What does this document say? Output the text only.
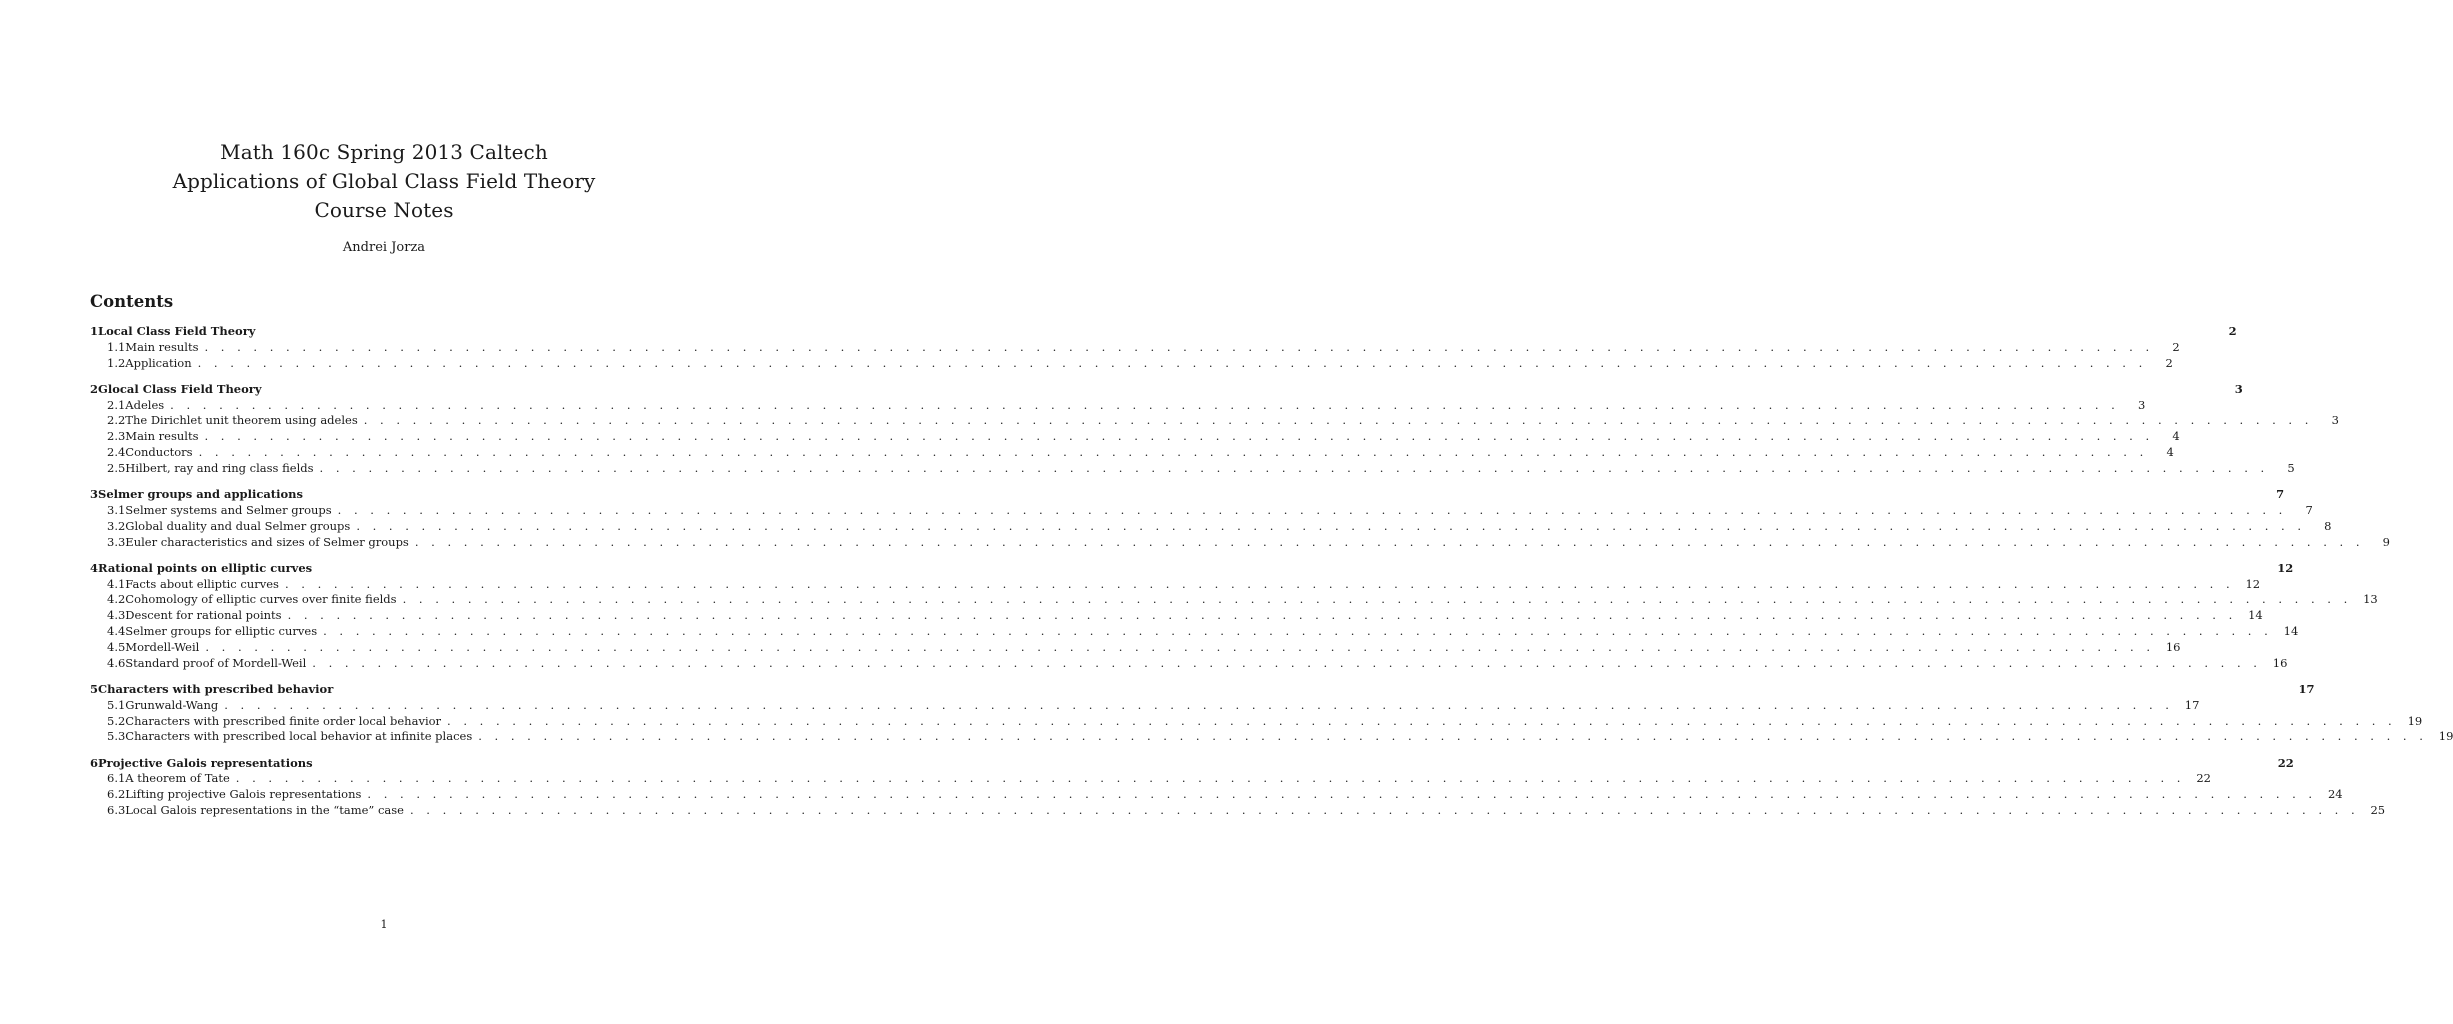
Math 160c Spring 2013 Caltech
Applications of Global Class Field Theory
Course Notes
Andrei Jorza
Contents
1 Local Class Field Theory	2
1.1 Main results . . . . . . . . . . . . . . . . . . . . . . . . . . . . . . . . . . . . . . . . . . . . . . . . . . . . . . . . . . . . . . . . . . . . . . . . . . . . . . . . . . . . . . . . . . . . . . . . . . . . . . . . . . . . . . . . . . . . . . . .	2
1.2 Application . . . . . . . . . . . . . . . . . . . . . . . . . . . . . . . . . . . . . . . . . . . . . . . . . . . . . . . . . . . . . . . . . . . . . . . . . . . . . . . . . . . . . . . . . . . . . . . . . . . . . . . . . . . . . . . . . . . . . . . .	2
2 Glocal Class Field Theory	3
2.1 Adeles . . . . . . . . . . . . . . . . . . . . . . . . . . . . . . . . . . . . . . . . . . . . . . . . . . . . . . . . . . . . . . . . . . . . . . . . . . . . . . . . . . . . . . . . . . . . . . . . . . . . . . . . . . . . . . . . . . . . . . . .	3
2.2 The Dirichlet unit theorem using adeles . . . . . . . . . . . . . . . . . . . . . . . . . . . . . . . . . . . . . . . . . . . . . . . . . . . . . . . . . . . . . . . . . . . . . . . . . . . . . . . . . . . . . . . . . . . . . . . . . . . . . . . . . . . . . . . . . . . . . . . .	3
2.3 Main results . . . . . . . . . . . . . . . . . . . . . . . . . . . . . . . . . . . . . . . . . . . . . . . . . . . . . . . . . . . . . . . . . . . . . . . . . . . . . . . . . . . . . . . . . . . . . . . . . . . . . . . . . . . . . . . . . . . . . . . .	4
2.4 Conductors . . . . . . . . . . . . . . . . . . . . . . . . . . . . . . . . . . . . . . . . . . . . . . . . . . . . . . . . . . . . . . . . . . . . . . . . . . . . . . . . . . . . . . . . . . . . . . . . . . . . . . . . . . . . . . . . . . . . . . . .	4
2.5 Hilbert, ray and ring class fields . . . . . . . . . . . . . . . . . . . . . . . . . . . . . . . . . . . . . . . . . . . . . . . . . . . . . . . . . . . . . . . . . . . . . . . . . . . . . . . . . . . . . . . . . . . . . . . . . . . . . . . . . . . . . . . . . . . . . . . .	5
3 Selmer groups and applications	7
3.1 Selmer systems and Selmer groups . . . . . . . . . . . . . . . . . . . . . . . . . . . . . . . . . . . . . . . . . . . . . . . . . . . . . . . . . . . . . . . . . . . . . . . . . . . . . . . . . . . . . . . . . . . . . . . . . . . . . . . . . . . . . . . . . . . . . . . .	7
3.2 Global duality and dual Selmer groups . . . . . . . . . . . . . . . . . . . . . . . . . . . . . . . . . . . . . . . . . . . . . . . . . . . . . . . . . . . . . . . . . . . . . . . . . . . . . . . . . . . . . . . . . . . . . . . . . . . . . . . . . . . . . . . . . . . . . . . .	8
3.3 Euler characteristics and sizes of Selmer groups . . . . . . . . . . . . . . . . . . . . . . . . . . . . . . . . . . . . . . . . . . . . . . . . . . . . . . . . . . . . . . . . . . . . . . . . . . . . . . . . . . . . . . . . . . . . . . . . . . . . . . . . . . . . . . . . . . . . . . . .	9
4 Rational points on elliptic curves	12
4.1 Facts about elliptic curves . . . . . . . . . . . . . . . . . . . . . . . . . . . . . . . . . . . . . . . . . . . . . . . . . . . . . . . . . . . . . . . . . . . . . . . . . . . . . . . . . . . . . . . . . . . . . . . . . . . . . . . . . . . . . . . . . . . . . . . . 12
4.2 Cohomology of elliptic curves over finite fields . . . . . . . . . . . . . . . . . . . . . . . . . . . . . . . . . . . . . . . . . . . . . . . . . . . . . . . . . . . . . . . . . . . . . . . . . . . . . . . . . . . . . . . . . . . . . . . . . . . . . . . . . . . . . . . . . . . . . . . . 13
4.3 Descent for rational points . . . . . . . . . . . . . . . . . . . . . . . . . . . . . . . . . . . . . . . . . . . . . . . . . . . . . . . . . . . . . . . . . . . . . . . . . . . . . . . . . . . . . . . . . . . . . . . . . . . . . . . . . . . . . . . . . . . . . . . . 14
4.4 Selmer groups for elliptic curves . . . . . . . . . . . . . . . . . . . . . . . . . . . . . . . . . . . . . . . . . . . . . . . . . . . . . . . . . . . . . . . . . . . . . . . . . . . . . . . . . . . . . . . . . . . . . . . . . . . . . . . . . . . . . . . . . . . . . . . . 14
4.5 Mordell-Weil . . . . . . . . . . . . . . . . . . . . . . . . . . . . . . . . . . . . . . . . . . . . . . . . . . . . . . . . . . . . . . . . . . . . . . . . . . . . . . . . . . . . . . . . . . . . . . . . . . . . . . . . . . . . . . . . . . . . . . . . 16
4.6 Standard proof of Mordell-Weil . . . . . . . . . . . . . . . . . . . . . . . . . . . . . . . . . . . . . . . . . . . . . . . . . . . . . . . . . . . . . . . . . . . . . . . . . . . . . . . . . . . . . . . . . . . . . . . . . . . . . . . . . . . . . . . . . . . . . . . . 16
5 Characters with prescribed behavior	17
5.1 Grunwald-Wang . . . . . . . . . . . . . . . . . . . . . . . . . . . . . . . . . . . . . . . . . . . . . . . . . . . . . . . . . . . . . . . . . . . . . . . . . . . . . . . . . . . . . . . . . . . . . . . . . . . . . . . . . . . . . . . . . . . . . . . . 17
5.2 Characters with prescribed finite order local behavior . . . . . . . . . . . . . . . . . . . . . . . . . . . . . . . . . . . . . . . . . . . . . . . . . . . . . . . . . . . . . . . . . . . . . . . . . . . . . . . . . . . . . . . . . . . . . . . . . . . . . . . . . . . . . . . . . . . . . . . . 19
5.3 Characters with prescribed local behavior at infinite places . . . . . . . . . . . . . . . . . . . . . . . . . . . . . . . . . . . . . . . . . . . . . . . . . . . . . . . . . . . . . . . . . . . . . . . . . . . . . . . . . . . . . . . . . . . . . . . . . . . . . . . . . . . . . . . . . . . . . . . . 19
6 Projective Galois representations	22
6.1 A theorem of Tate . . . . . . . . . . . . . . . . . . . . . . . . . . . . . . . . . . . . . . . . . . . . . . . . . . . . . . . . . . . . . . . . . . . . . . . . . . . . . . . . . . . . . . . . . . . . . . . . . . . . . . . . . . . . . . . . . . . . . . . . 22
6.2 Lifting projective Galois representations . . . . . . . . . . . . . . . . . . . . . . . . . . . . . . . . . . . . . . . . . . . . . . . . . . . . . . . . . . . . . . . . . . . . . . . . . . . . . . . . . . . . . . . . . . . . . . . . . . . . . . . . . . . . . . . . . . . . . . . . 24
6.3 Local Galois representations in the “tame” case . . . . . . . . . . . . . . . . . . . . . . . . . . . . . . . . . . . . . . . . . . . . . . . . . . . . . . . . . . . . . . . . . . . . . . . . . . . . . . . . . . . . . . . . . . . . . . . . . . . . . . . . . . . . . . . . . . . . . . . . 25
1
